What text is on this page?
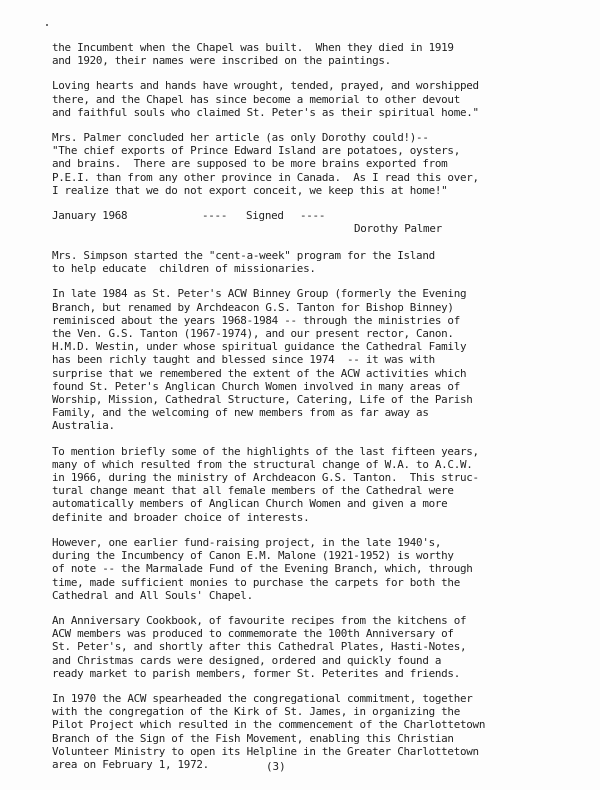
the Incumbent when the Chapel was built.  When they died in 1919
and 1920, their names were inscribed on the paintings.

Loving hearts and hands have wrought, tended, prayed, and worshipped
there, and the Chapel has since become a memorial to other devout
and faithful souls who claimed St. Peter's as their spiritual home."

Mrs. Palmer concluded her article (as only Dorothy could!)--
"The chief exports of Prince Edward Island are potatoes, oysters,
and brains.  There are supposed to be more brains exported from
P.E.I. than from any other province in Canada.  As I read this over,
I realize that we do not export conceit, we keep this at home!"

January 1968	---- Signed ----
Dorothy Palmer

Mrs. Simpson started the "cent-a-week" program for the Island
to help educate  children of missionaries.

In late 1984 as St. Peter's ACW Binney Group (formerly the Evening
Branch, but renamed by Archdeacon G.S. Tanton for Bishop Binney)
reminisced about the years 1968-1984 -- through the ministries of
the Ven. G.S. Tanton (1967-1974), and our present rector, Canon.
H.M.D. Westin, under whose spiritual guidance the Cathedral Family
has been richly taught and blessed since 1974  -- it was with
surprise that we remembered the extent of the ACW activities which
found St. Peter's Anglican Church Women involved in many areas of
Worship, Mission, Cathedral Structure, Catering, Life of the Parish
Family, and the welcoming of new members from as far away as
Australia.

To mention briefly some of the highlights of the last fifteen years,
many of which resulted from the structural change of W.A. to A.C.W.
in 1966, during the ministry of Archdeacon G.S. Tanton.  This struc-
tural change meant that all female members of the Cathedral were
automatically members of Anglican Church Women and given a more
definite and broader choice of interests.

However, one earlier fund-raising project, in the late 1940's,
during the Incumbency of Canon E.M. Malone (1921-1952) is worthy
of note -- the Marmalade Fund of the Evening Branch, which, through
time, made sufficient monies to purchase the carpets for both the
Cathedral and All Souls' Chapel.

An Anniversary Cookbook, of favourite recipes from the kitchens of
ACW members was produced to commemorate the 100th Anniversary of
St. Peter's, and shortly after this Cathedral Plates, Hasti-Notes,
and Christmas cards were designed, ordered and quickly found a
ready market to parish members, former St. Peterites and friends.

In 1970 the ACW spearheaded the congregational commitment, together
with the congregation of the Kirk of St. James, in organizing the
Pilot Project which resulted in the commencement of the Charlottetown
Branch of the Sign of the Fish Movement, enabling this Christian
Volunteer Ministry to open its Helpline in the Greater Charlottetown
area on February 1, 1972.	(3)
